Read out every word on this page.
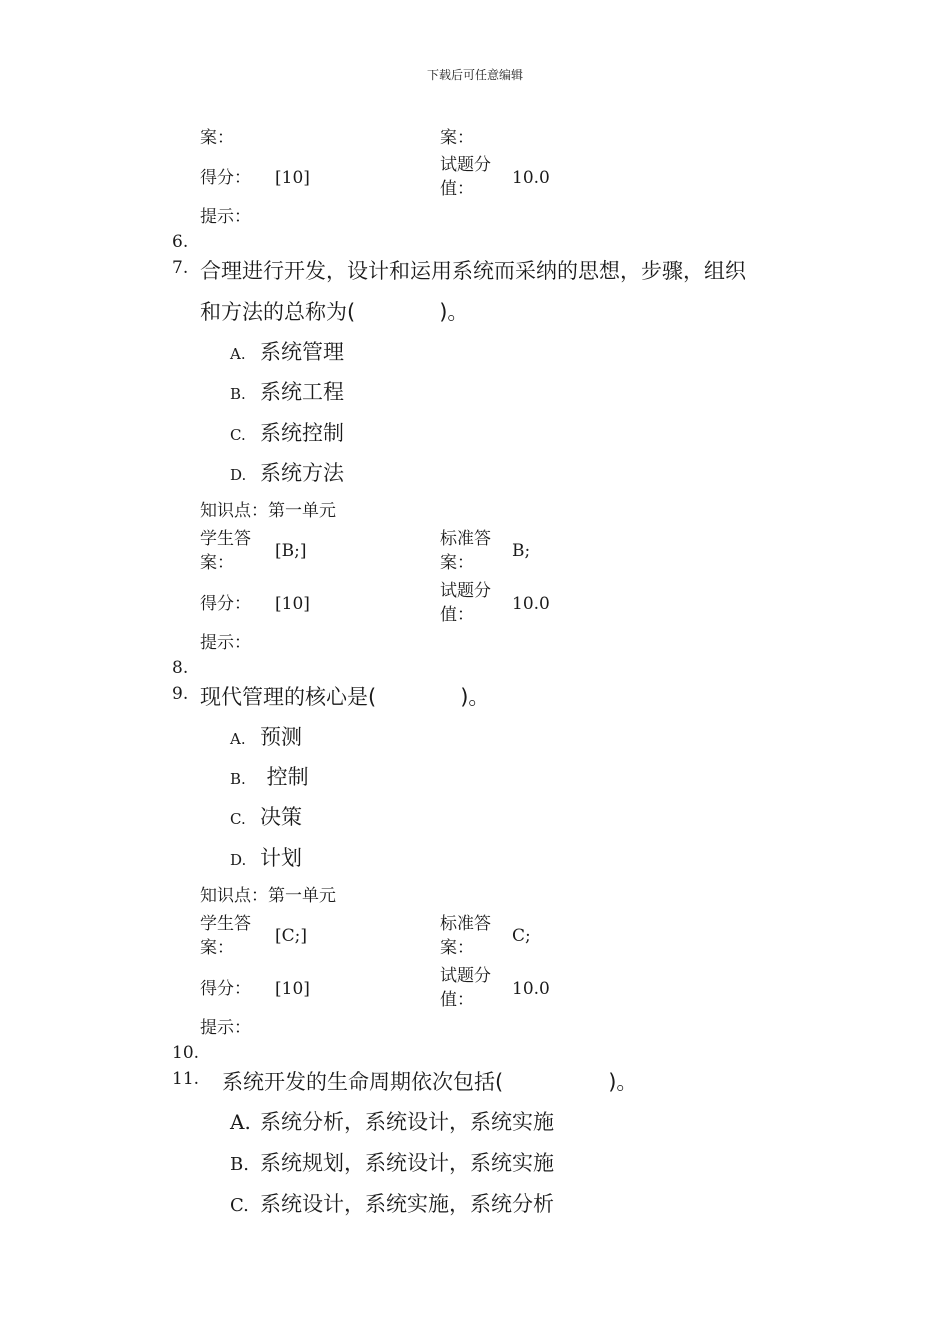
下载后可任意编辑
案：	案：
得分： [10]
试题分值：
10.0
提示：
6.
7. 合理进行开发，设计和运用系统而采纳的思想，步骤，组织
和方法的总称为(　　　　)。
A. 系统管理
B. 系统工程
C. 系统控制
D. 系统方法
知识点：第一单元
学生答案：
[B;]
标准答案：
B;
得分： [10]
试题分值：
10.0
提示：
8.
9. 现代管理的核心是(　　　　)。
A. 预测
B. 控制
C. 决策
D. 计划
知识点：第一单元
学生答案：
[C;]
标准答案：
C;
得分： [10]
试题分值：
10.0
提示：
10.
11. 系统开发的生命周期依次包括(　　　　　)。
A. 系统分析，系统设计，系统实施
B. 系统规划，系统设计，系统实施
C. 系统设计，系统实施，系统分析
